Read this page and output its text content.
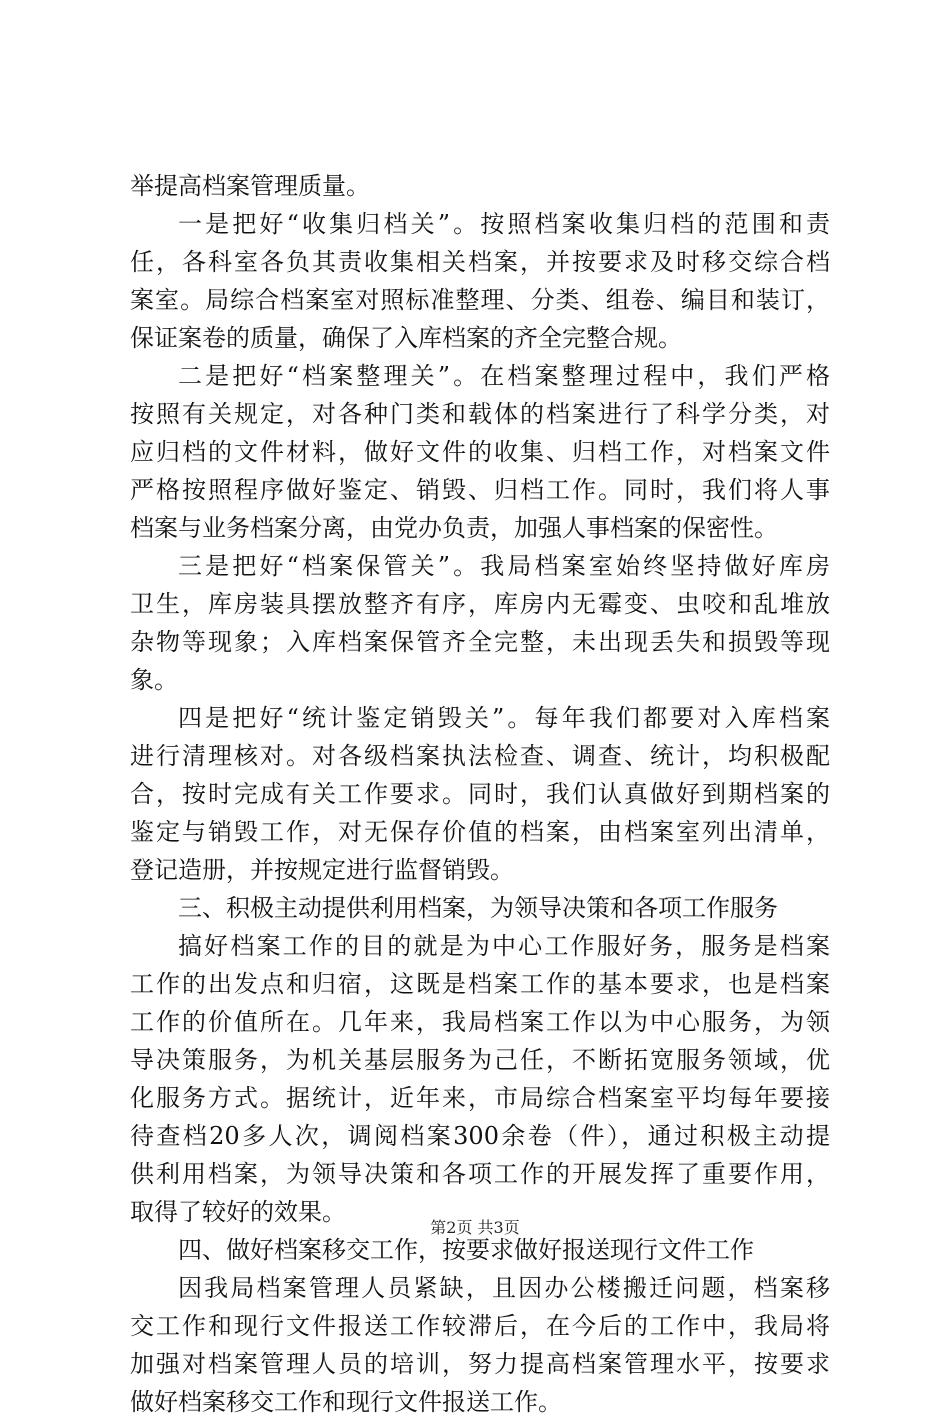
举提高档案管理质量。
一是把好“收集归档关”。按照档案收集归档的范围和责
任，各科室各负其责收集相关档案，并按要求及时移交综合档
案室。局综合档案室对照标准整理、分类、组卷、编目和装订，
保证案卷的质量，确保了入库档案的齐全完整合规。
二是把好“档案整理关”。在档案整理过程中，我们严格
按照有关规定，对各种门类和载体的档案进行了科学分类，对
应归档的文件材料，做好文件的收集、归档工作，对档案文件
严格按照程序做好鉴定、销毁、归档工作。同时，我们将人事
档案与业务档案分离，由党办负责，加强人事档案的保密性。
三是把好“档案保管关”。我局档案室始终坚持做好库房
卫生，库房装具摆放整齐有序，库房内无霉变、虫咬和乱堆放
杂物等现象；入库档案保管齐全完整，未出现丢失和损毁等现
象。
四是把好“统计鉴定销毁关”。每年我们都要对入库档案
进行清理核对。对各级档案执法检查、调查、统计，均积极配
合，按时完成有关工作要求。同时，我们认真做好到期档案的
鉴定与销毁工作，对无保存价值的档案，由档案室列出清单，
登记造册，并按规定进行监督销毁。
三、积极主动提供利用档案，为领导决策和各项工作服务
搞好档案工作的目的就是为中心工作服好务，服务是档案
工作的出发点和归宿，这既是档案工作的基本要求，也是档案
工作的价值所在。几年来，我局档案工作以为中心服务，为领
导决策服务，为机关基层服务为己任，不断拓宽服务领域，优
化服务方式。据统计，近年来，市局综合档案室平均每年要接
待查档20多人次，调阅档案300余卷（件），通过积极主动提
供利用档案，为领导决策和各项工作的开展发挥了重要作用，
取得了较好的效果。
四、做好档案移交工作，按要求做好报送现行文件工作
因我局档案管理人员紧缺，且因办公楼搬迁问题，档案移
交工作和现行文件报送工作较滞后，在今后的工作中，我局将
加强对档案管理人员的培训，努力提高档案管理水平，按要求
做好档案移交工作和现行文件报送工作。
第2页 共3页
